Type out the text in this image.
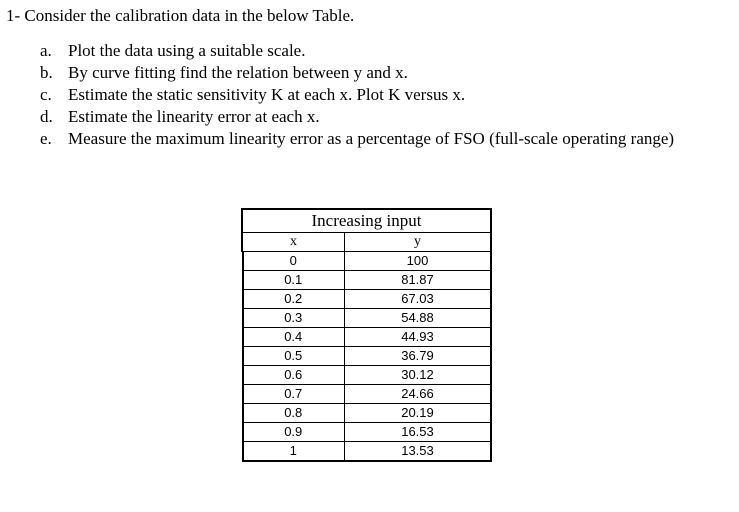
1- Consider the calibration data in the below Table.
a. Plot the data using a suitable scale.
b. By curve fitting find the relation between y and x.
c. Estimate the static sensitivity K at each x. Plot K versus x.
d. Estimate the linearity error at each x.
e. Measure the maximum linearity error as a percentage of FSO (full-scale operating range)
Increasing input	
x	y
0	100
0.1	81.87
0.2	67.03
0.3	54.88
0.4	44.93
0.5	36.79
0.6	30.12
0.7	24.66
0.8	20.19
0.9	16.53
1	13.53
